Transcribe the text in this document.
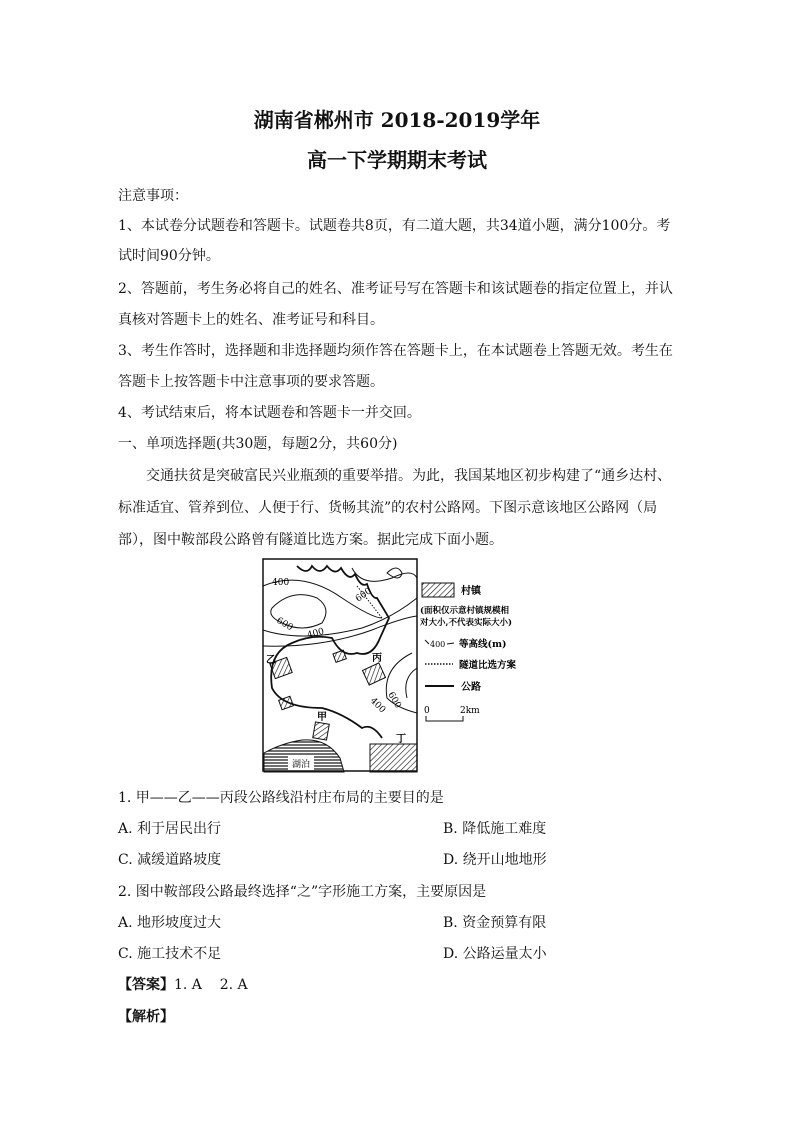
湖南省郴州市 2018-2019学年
高一下学期期末考试
注意事项：
1、本试卷分试题卷和答题卡。试题卷共8页，有二道大题，共34道小题，满分100分。考
试时间90分钟。
2、答题前，考生务必将自己的姓名、准考证号写在答题卡和该试题卷的指定位置上，并认
真核对答题卡上的姓名、准考证号和科目。
3、考生作答时，选择题和非选择题均须作答在答题卡上，在本试题卷上答题无效。考生在
答题卡上按答题卡中注意事项的要求答题。
4、考试结束后，将本试题卷和答题卡一并交回。
一、单项选择题(共30题，每题2分，共60分)
交通扶贫是突破富民兴业瓶颈的重要举措。为此，我国某地区初步构建了“通乡达村、
标准适宜、管养到位、人便于行、货畅其流”的农村公路网。下图示意该地区公路网（局
部），图中鞍部段公路曾有隧道比选方案。据此完成下面小题。
湖泊
400
600
600
400
600
400
乙	丙
甲
丁
村镇
(面积仅示意村镇规模相
对大小,不代表实际大小)
400 等高线(m)
隧道比选方案
公路
0	2km
1. 甲——乙——丙段公路线沿村庄布局的主要目的是
A. 利于居民出行	B. 降低施工难度
C. 减缓道路坡度	D. 绕开山地地形
2. 图中鞍部段公路最终选择“之”字形施工方案，主要原因是
A. 地形坡度过大	B. 资金预算有限
C. 施工技术不足	D. 公路运量太小
【答案】1. A    2. A
【解析】
